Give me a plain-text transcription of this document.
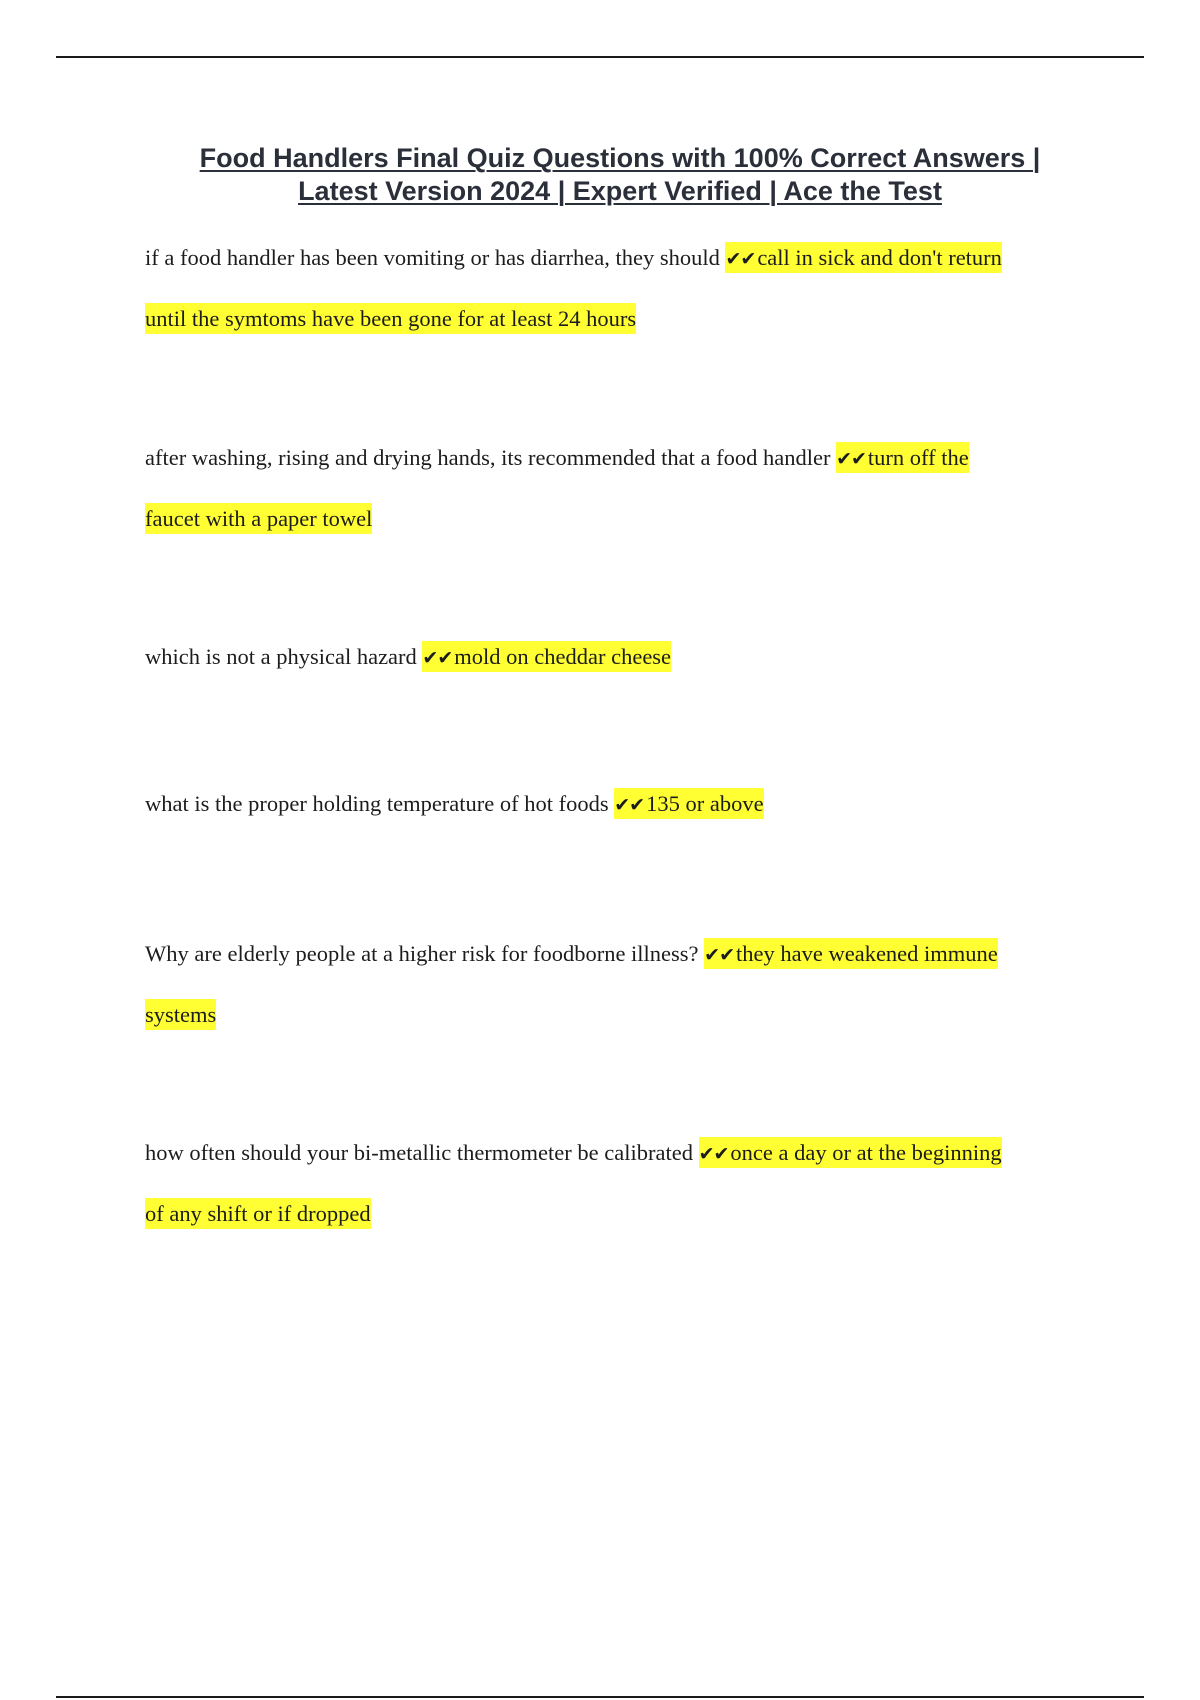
Food Handlers Final Quiz Questions with 100% Correct Answers |
Latest Version 2024 | Expert Verified | Ace the Test
if a food handler has been vomiting or has diarrhea, they should ✔✔call in sick and don't return until the symtoms have been gone for at least 24 hours
after washing, rising and drying hands, its recommended that a food handler ✔✔turn off the faucet with a paper towel
which is not a physical hazard ✔✔mold on cheddar cheese
what is the proper holding temperature of hot foods ✔✔135 or above
Why are elderly people at a higher risk for foodborne illness? ✔✔they have weakened immune systems
how often should your bi-metallic thermometer be calibrated ✔✔once a day or at the beginning of any shift or if dropped
